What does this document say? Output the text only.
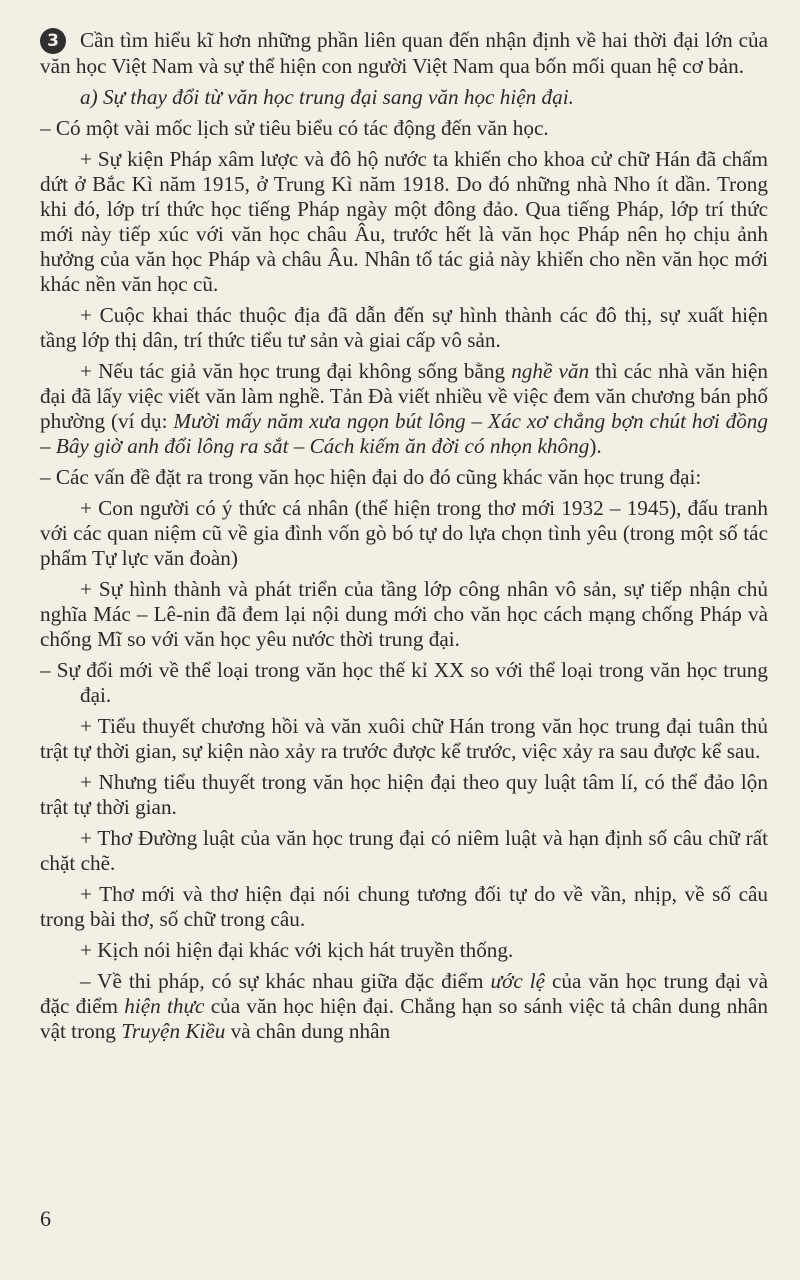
3 Cần tìm hiểu kĩ hơn những phần liên quan đến nhận định về hai thời đại lớn của văn học Việt Nam và sự thể hiện con người Việt Nam qua bốn mối quan hệ cơ bản.

a) Sự thay đổi từ văn học trung đại sang văn học hiện đại.

– Có một vài mốc lịch sử tiêu biểu có tác động đến văn học.

+ Sự kiện Pháp xâm lược và đô hộ nước ta khiến cho khoa cử chữ Hán đã chấm dứt ở Bắc Kì năm 1915, ở Trung Kì năm 1918. Do đó những nhà Nho ít dần. Trong khi đó, lớp trí thức học tiếng Pháp ngày một đông đảo. Qua tiếng Pháp, lớp trí thức mới này tiếp xúc với văn học châu Âu, trước hết là văn học Pháp nên họ chịu ảnh hưởng của văn học Pháp và châu Âu. Nhân tố tác giả này khiến cho nền văn học mới khác nền văn học cũ.

+ Cuộc khai thác thuộc địa đã dẫn đến sự hình thành các đô thị, sự xuất hiện tầng lớp thị dân, trí thức tiểu tư sản và giai cấp vô sản.

+ Nếu tác giả văn học trung đại không sống bằng nghề văn thì các nhà văn hiện đại đã lấy việc viết văn làm nghề. Tản Đà viết nhiều về việc đem văn chương bán phố phường (ví dụ: Mười mấy năm xưa ngọn bút lông – Xác xơ chẳng bợn chút hơi đồng – Bây giờ anh đổi lông ra sắt – Cách kiếm ăn đời có nhọn không).

– Các vấn đề đặt ra trong văn học hiện đại do đó cũng khác văn học trung đại:

+ Con người có ý thức cá nhân (thể hiện trong thơ mới 1932 – 1945), đấu tranh với các quan niệm cũ về gia đình vốn gò bó tự do lựa chọn tình yêu (trong một số tác phẩm Tự lực văn đoàn)

+ Sự hình thành và phát triển của tầng lớp công nhân vô sản, sự tiếp nhận chủ nghĩa Mác – Lê-nin đã đem lại nội dung mới cho văn học cách mạng chống Pháp và chống Mĩ so với văn học yêu nước thời trung đại.

– Sự đổi mới về thể loại trong văn học thế kỉ XX so với thể loại trong văn học trung đại.

+ Tiểu thuyết chương hồi và văn xuôi chữ Hán trong văn học trung đại tuân thủ trật tự thời gian, sự kiện nào xảy ra trước được kể trước, việc xảy ra sau được kể sau.

+ Nhưng tiểu thuyết trong văn học hiện đại theo quy luật tâm lí, có thể đảo lộn trật tự thời gian.

+ Thơ Đường luật của văn học trung đại có niêm luật và hạn định số câu chữ rất chặt chẽ.

+ Thơ mới và thơ hiện đại nói chung tương đối tự do về vần, nhịp, về số câu trong bài thơ, số chữ trong câu.

+ Kịch nói hiện đại khác với kịch hát truyền thống.

– Về thi pháp, có sự khác nhau giữa đặc điểm ước lệ của văn học trung đại và đặc điểm hiện thực của văn học hiện đại. Chẳng hạn so sánh việc tả chân dung nhân vật trong Truyện Kiều và chân dung nhân

6
